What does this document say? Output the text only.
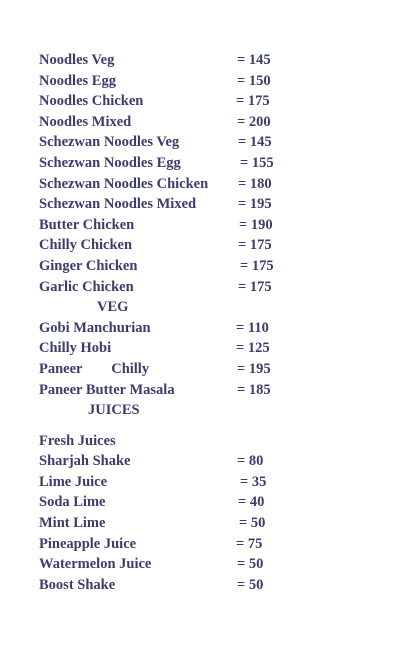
Noodles Veg	= 145
Noodles Egg	= 150
Noodles Chicken	= 175
Noodles Mixed	= 200
Schezwan Noodles Veg	= 145
Schezwan Noodles Egg	= 155
Schezwan Noodles Chicken = 180
Schezwan Noodles Mixed	= 195
Butter Chicken	= 190
Chilly Chicken	= 175
Ginger Chicken	= 175
Garlic Chicken	= 175
VEG
Gobi Manchurian	= 110
Chilly Hobi	= 125
Paneer        Chilly	= 195
Paneer Butter Masala	= 185
JUICES
Fresh Juices
Sharjah Shake	= 80
Lime Juice	= 35
Soda Lime	= 40
Mint Lime	= 50
Pineapple Juice	= 75
Watermelon Juice	= 50
Boost Shake	= 50
